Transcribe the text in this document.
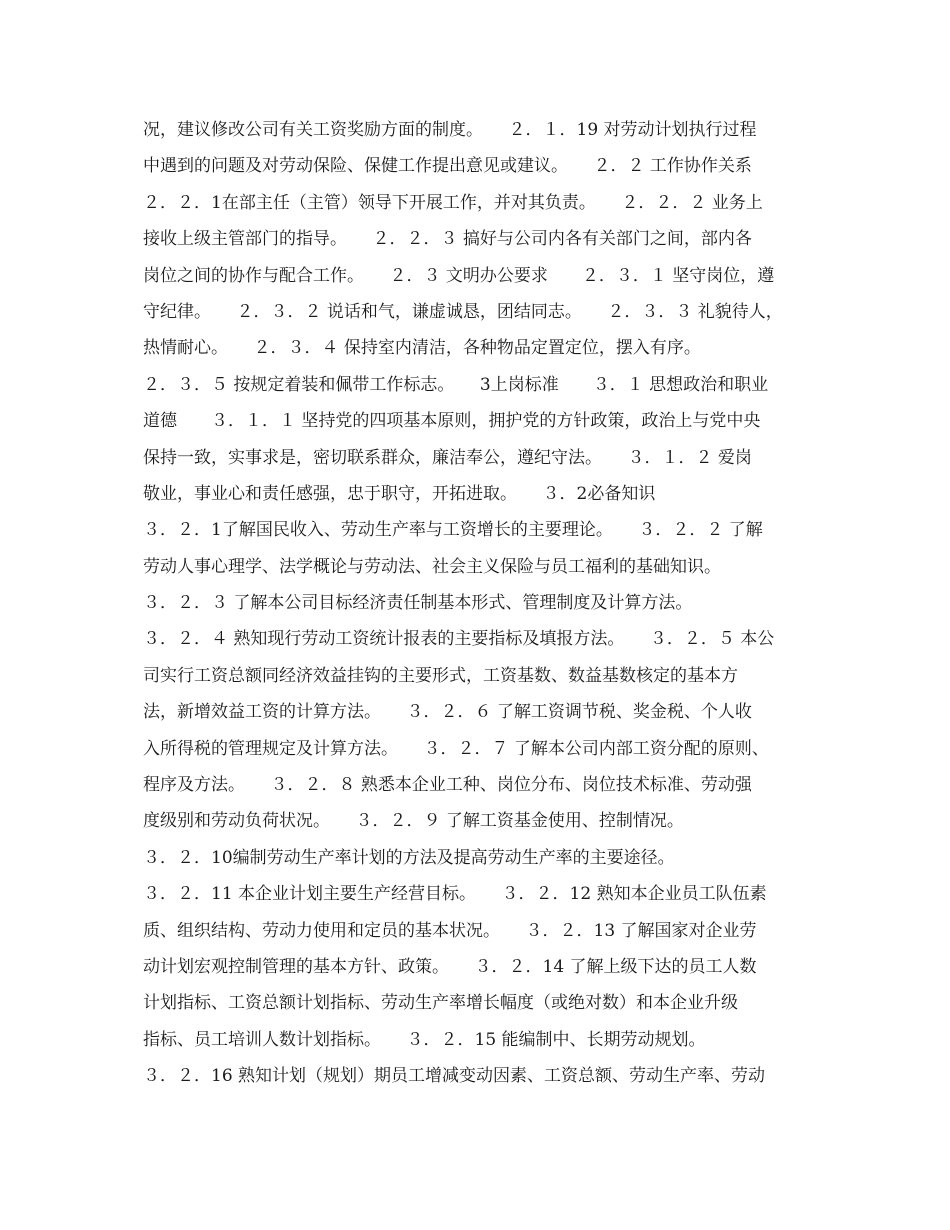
况，建议修改公司有关工资奖励方面的制度。　　２．１．19 对劳动计划执行过程
中遇到的问题及对劳动保险、保健工作提出意见或建议。　　２．２ 工作协作关系
２．２．1在部主任（主管）领导下开展工作，并对其负责。　　２．２．２ 业务上
接收上级主管部门的指导。　　２．２．３ 搞好与公司内各有关部门之间，部内各
岗位之间的协作与配合工作。　　２．３ 文明办公要求　　２．３．１ 坚守岗位，遵
守纪律。　　２．３．２ 说话和气，谦虚诚恳，团结同志。　　２．３．３ 礼貌待人，
热情耐心。　　２．３．４ 保持室内清洁，各种物品定置定位，摆入有序。
２．３．５ 按规定着装和佩带工作标志。　　3上岗标准　　３．１ 思想政治和职业
道德　　３．１．１ 坚持党的四项基本原则，拥护党的方针政策，政治上与党中央
保持一致，实事求是，密切联系群众，廉洁奉公，遵纪守法。　　３．１．２ 爱岗
敬业，事业心和责任感强，忠于职守，开拓进取。　　３．2必备知识
３．２．1了解国民收入、劳动生产率与工资增长的主要理论。　　３．２．２ 了解
劳动人事心理学、法学概论与劳动法、社会主义保险与员工福利的基础知识。
３．２．３ 了解本公司目标经济责任制基本形式、管理制度及计算方法。
３．２．４ 熟知现行劳动工资统计报表的主要指标及填报方法。　　３．２．５ 本公
司实行工资总额同经济效益挂钩的主要形式，工资基数、数益基数核定的基本方
法，新增效益工资的计算方法。　　３．２．６ 了解工资调节税、奖金税、个人收
入所得税的管理规定及计算方法。　　３．２．７ 了解本公司内部工资分配的原则、
程序及方法。　　３．２．８ 熟悉本企业工种、岗位分布、岗位技术标准、劳动强
度级别和劳动负荷状况。　　３．２．９ 了解工资基金使用、控制情况。
３．２．10编制劳动生产率计划的方法及提高劳动生产率的主要途径。
３．２．11 本企业计划主要生产经营目标。　　３．２．12 熟知本企业员工队伍素
质、组织结构、劳动力使用和定员的基本状况。　　３．２．13 了解国家对企业劳
动计划宏观控制管理的基本方针、政策。　　３．２．14 了解上级下达的员工人数
计划指标、工资总额计划指标、劳动生产率增长幅度（或绝对数）和本企业升级
指标、员工培训人数计划指标。　　３．２．15 能编制中、长期劳动规划。
３．２．16 熟知计划（规划）期员工增减变动因素、工资总额、劳动生产率、劳动
